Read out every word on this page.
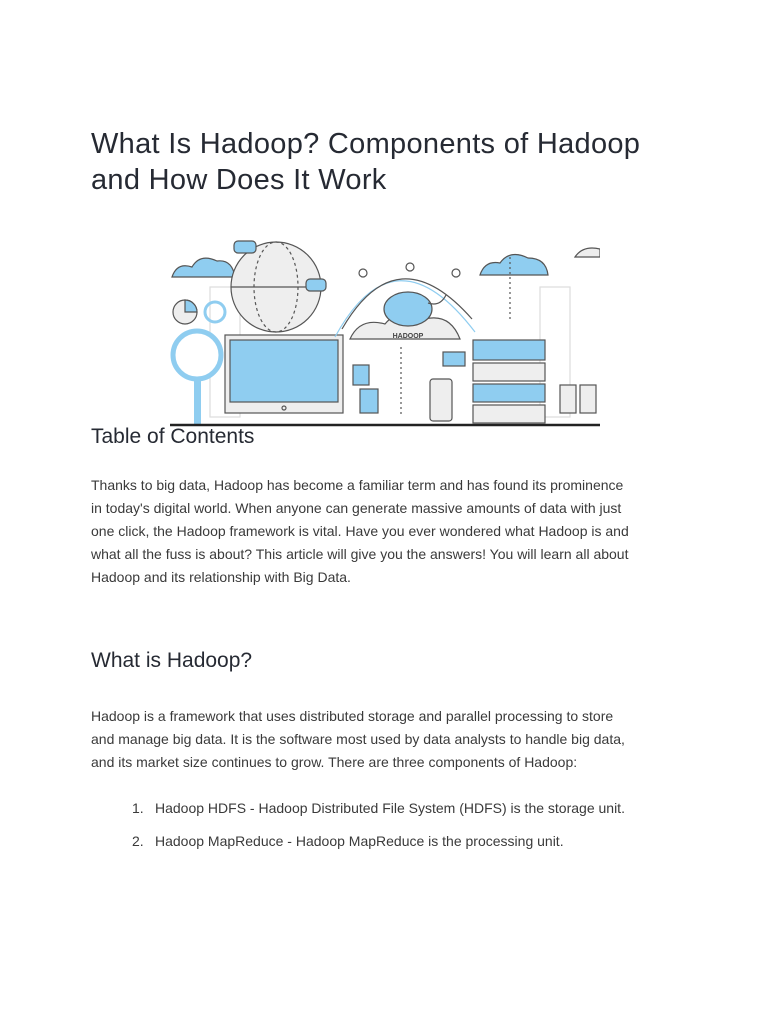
What Is Hadoop? Components of Hadoop
and How Does It Work
HADOOP
Table of Contents
Thanks to big data, Hadoop has become a familiar term and has found its prominence
in today's digital world. When anyone can generate massive amounts of data with just
one click, the Hadoop framework is vital. Have you ever wondered what Hadoop is and
what all the fuss is about? This article will give you the answers! You will learn all about
Hadoop and its relationship with Big Data.
What is Hadoop?
Hadoop is a framework that uses distributed storage and parallel processing to store
and manage big data. It is the software most used by data analysts to handle big data,
and its market size continues to grow. There are three components of Hadoop:
1. Hadoop HDFS - Hadoop Distributed File System (HDFS) is the storage unit.
2. Hadoop MapReduce - Hadoop MapReduce is the processing unit.
